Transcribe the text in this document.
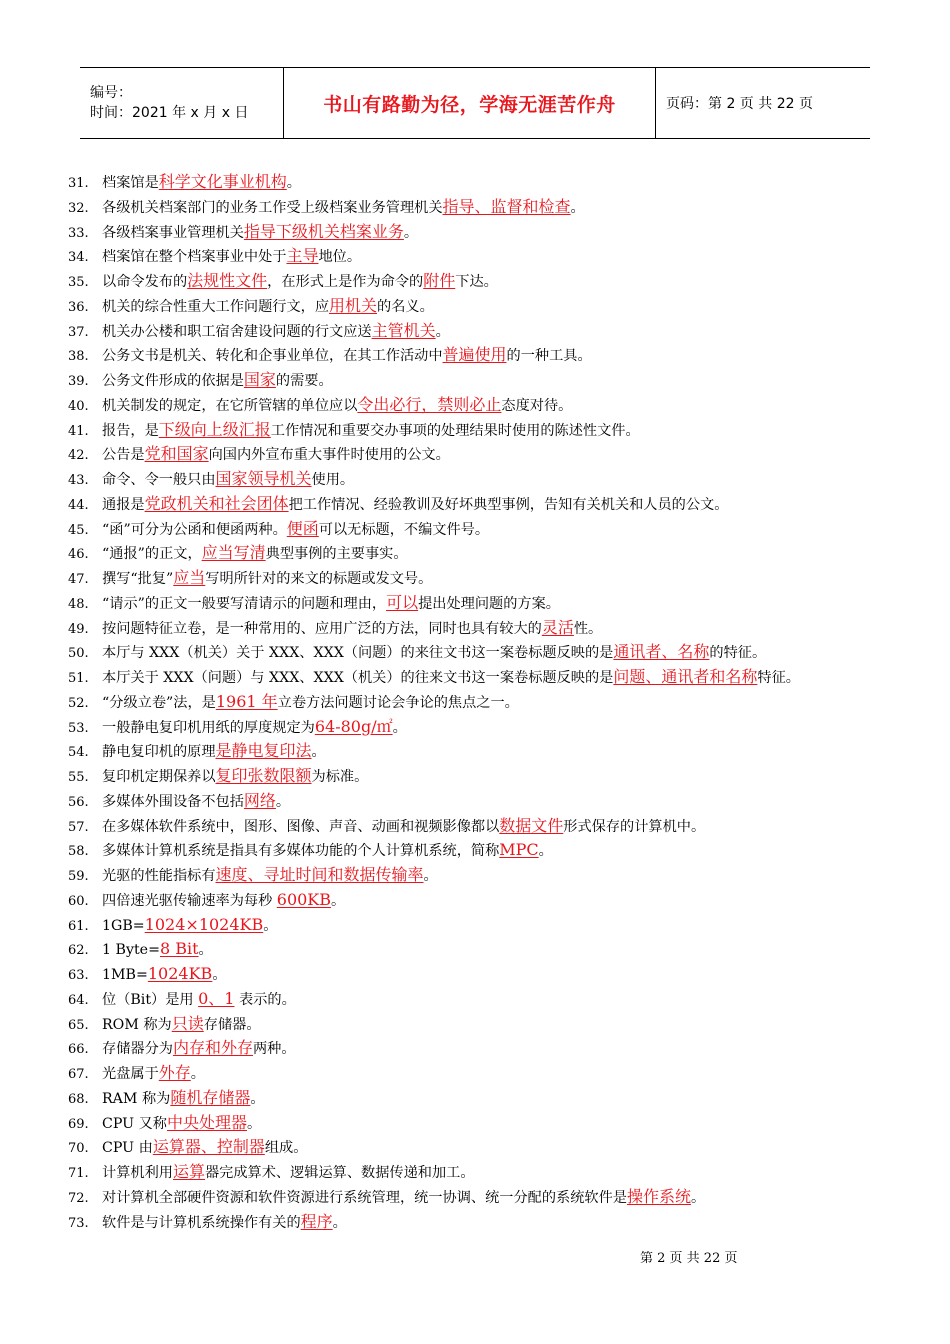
编号：
时间：2021 年 x 月 x 日	书山有路勤为径，学海无涯苦作舟	页码：第 2 页 共 22 页
31. 档案馆是科学文化事业机构。
32. 各级机关档案部门的业务工作受上级档案业务管理机关指导、监督和检查。
33. 各级档案事业管理机关指导下级机关档案业务。
34. 档案馆在整个档案事业中处于主导地位。
35. 以命令发布的法规性文件，在形式上是作为命令的附件下达。
36. 机关的综合性重大工作问题行文，应用机关的名义。
37. 机关办公楼和职工宿舍建设问题的行文应送主管机关。
38. 公务文书是机关、转化和企事业单位，在其工作活动中普遍使用的一种工具。
39. 公务文件形成的依据是国家的需要。
40. 机关制发的规定，在它所管辖的单位应以令出必行，禁则必止态度对待。
41. 报告，是下级向上级汇报工作情况和重要交办事项的处理结果时使用的陈述性文件。
42. 公告是党和国家向国内外宣布重大事件时使用的公文。
43. 命令、令一般只由国家领导机关使用。
44. 通报是党政机关和社会团体把工作情况、经验教训及好坏典型事例，告知有关机关和人员的公文。
45. “函”可分为公函和便函两种。便函可以无标题，不编文件号。
46. “通报”的正文，应当写清典型事例的主要事实。
47. 撰写“批复”应当写明所针对的来文的标题或发文号。
48. “请示”的正文一般要写清请示的问题和理由，可以提出处理问题的方案。
49. 按问题特征立卷，是一种常用的、应用广泛的方法，同时也具有较大的灵活性。
50. 本厅与 XXX（机关）关于 XXX、XXX（问题）的来往文书这一案卷标题反映的是通讯者、名称的特征。
51. 本厅关于 XXX（问题）与 XXX、XXX（机关）的往来文书这一案卷标题反映的是问题、通讯者和名称特征。
52. “分级立卷”法，是1961 年立卷方法问题讨论会争论的焦点之一。
53. 一般静电复印机用纸的厚度规定为64-80g/㎡。
54. 静电复印机的原理是静电复印法。
55. 复印机定期保养以复印张数限额为标准。
56. 多媒体外围设备不包括网络。
57. 在多媒体软件系统中，图形、图像、声音、动画和视频影像都以数据文件形式保存的计算机中。
58. 多媒体计算机系统是指具有多媒体功能的个人计算机系统，简称MPC。
59. 光驱的性能指标有速度、寻址时间和数据传输率。
60. 四倍速光驱传输速率为每秒 600KB。
61. 1GB=1024×1024KB。
62. 1 Byte=8 Bit。
63. 1MB=1024KB。
64. 位（Bit）是用 0、1 表示的。
65. ROM 称为只读存储器。
66. 存储器分为内存和外存两种。
67. 光盘属于外存。
68. RAM 称为随机存储器。
69. CPU 又称中央处理器。
70. CPU 由运算器、控制器组成。
71. 计算机利用运算器完成算术、逻辑运算、数据传递和加工。
72. 对计算机全部硬件资源和软件资源进行系统管理，统一协调、统一分配的系统软件是操作系统。
73. 软件是与计算机系统操作有关的程序。
第 2 页 共 22 页
